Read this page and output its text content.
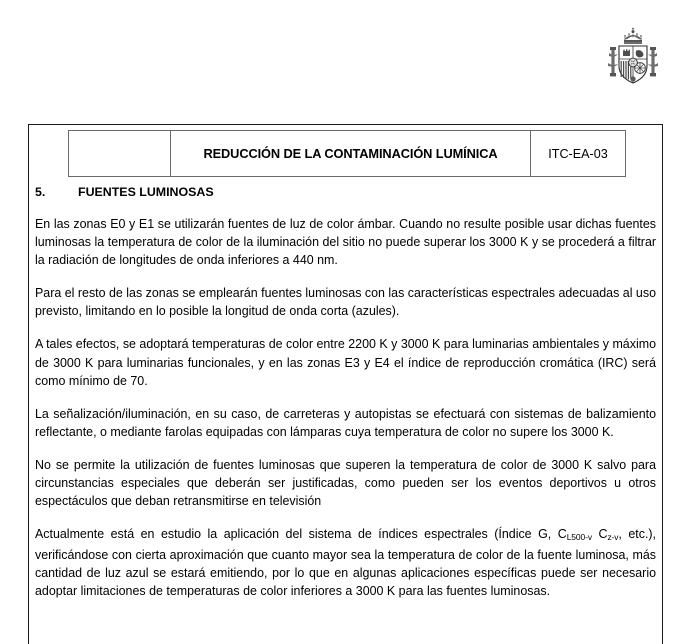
	REDUCCIÓN DE LA CONTAMINACIÓN LUMÍNICA	ITC-EA-03
5.	FUENTES LUMINOSAS

En las zonas E0 y E1 se utilizarán fuentes de luz de color ámbar. Cuando no resulte posible usar dichas fuentes luminosas la temperatura de color de la iluminación del sitio no puede superar los 3000 K y se procederá a filtrar la radiación de longitudes de onda inferiores a 440 nm.

Para el resto de las zonas se emplearán fuentes luminosas con las características espectrales adecuadas al uso previsto, limitando en lo posible la longitud de onda corta (azules).

A tales efectos, se adoptará temperaturas de color entre 2200 K y 3000 K para luminarias ambientales y máximo de 3000 K para luminarias funcionales, y en las zonas E3 y E4 el índice de reproducción cromática (IRC) será como mínimo de 70.

La señalización/iluminación, en su caso, de carreteras y autopistas se efectuará con sistemas de balizamiento reflectante, o mediante farolas equipadas con lámparas cuya temperatura de color no supere los 3000 K.

No se permite la utilización de fuentes luminosas que superen la temperatura de color de 3000 K salvo para circunstancias especiales que deberán ser justificadas, como pueden ser los eventos deportivos u otros espectáculos que deban retransmitirse en televisión

Actualmente está en estudio la aplicación del sistema de índices espectrales (Índice G, $C_{L500-v}$ $C_{z-v}$, etc.), verificándose con cierta aproximación que cuanto mayor sea la temperatura de color de la fuente luminosa, más cantidad de luz azul se estará emitiendo, por lo que en algunas aplicaciones específicas puede ser necesario adoptar limitaciones de temperaturas de color inferiores a 3000 K para las fuentes luminosas.
